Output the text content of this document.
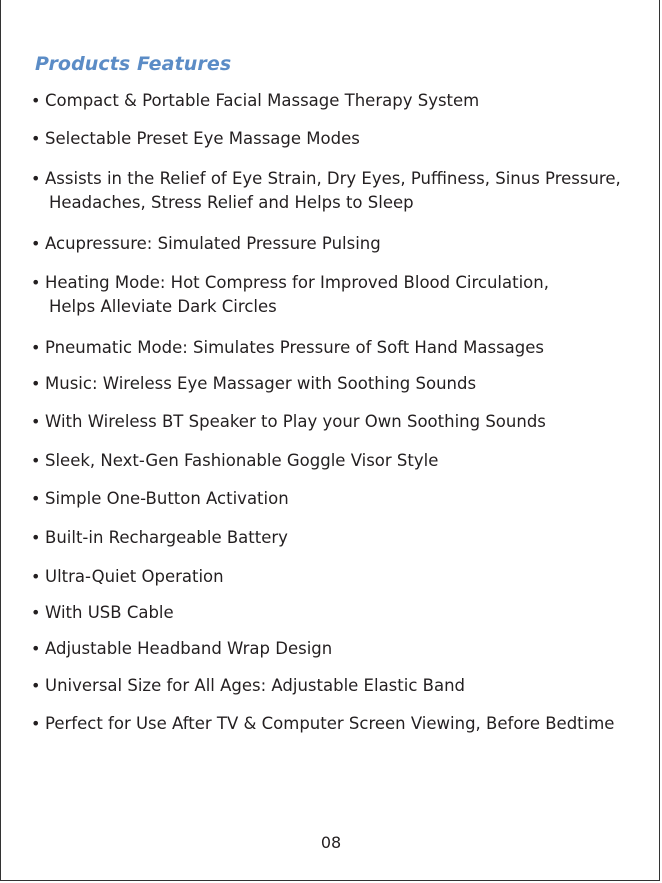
Products Features
• Compact & Portable Facial Massage Therapy System
• Selectable Preset Eye Massage Modes
• Assists in the Relief of Eye Strain, Dry Eyes, Puffiness, Sinus Pressure,
Headaches, Stress Relief and Helps to Sleep
• Acupressure: Simulated Pressure Pulsing
• Heating Mode: Hot Compress for Improved Blood Circulation,
Helps Alleviate Dark Circles
• Pneumatic Mode: Simulates Pressure of Soft Hand Massages
• Music: Wireless Eye Massager with Soothing Sounds
• With Wireless BT Speaker to Play your Own Soothing Sounds
• Sleek, Next-Gen Fashionable Goggle Visor Style
• Simple One-Button Activation
• Built-in Rechargeable Battery
• Ultra-Quiet Operation
• With USB Cable
• Adjustable Headband Wrap Design
• Universal Size for All Ages: Adjustable Elastic Band
• Perfect for Use After TV & Computer Screen Viewing, Before Bedtime
08
